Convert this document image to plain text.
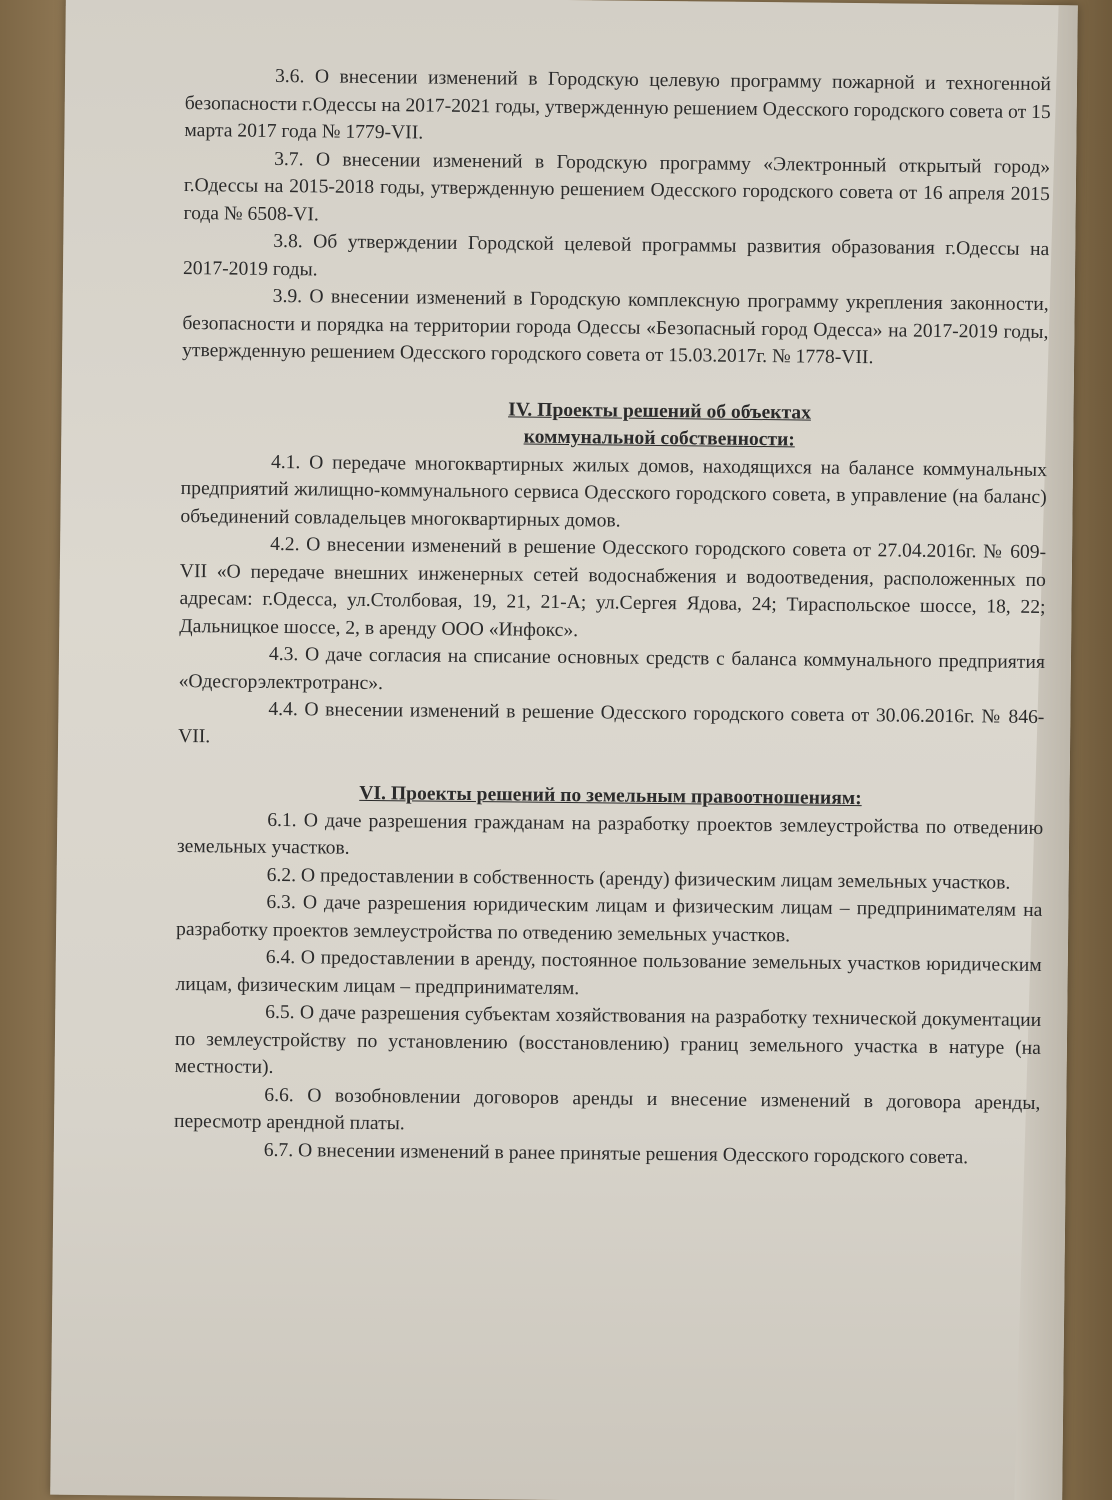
3.6. О внесении изменений в Городскую целевую программу пожарной и техногенной безопасности г.Одессы на 2017-2021 годы, утвержденную решением Одесского городского совета от 15 марта 2017 года № 1779-VII.

3.7. О внесении изменений в Городскую программу «Электронный открытый город» г.Одессы на 2015-2018 годы, утвержденную решением Одесского городского совета от 16 апреля 2015 года № 6508-VI.

3.8. Об утверждении Городской целевой программы развития образования г.Одессы на 2017-2019 годы.

3.9. О внесении изменений в Городскую комплексную программу укрепления законности, безопасности и порядка на территории города Одессы «Безопасный город Одесса» на 2017-2019 годы, утвержденную решением Одесского городского совета от 15.03.2017г. № 1778-VII.

IV. Проекты решений об объектах

коммунальной собственности:

4.1. О передаче многоквартирных жилых домов, находящихся на балансе коммунальных предприятий жилищно-коммунального сервиса Одесского городского совета, в управление (на баланс) объединений совладельцев многоквартирных домов.

4.2. О внесении изменений в решение Одесского городского совета от 27.04.2016г. № 609-VII «О передаче внешних инженерных сетей водоснабжения и водоотведения, расположенных по адресам: г.Одесса, ул.Столбовая, 19, 21, 21-А; ул.Сергея Ядова, 24; Тираспольское шоссе, 18, 22; Дальницкое шоссе, 2, в аренду ООО «Инфокс».

4.3. О даче согласия на списание основных средств с баланса коммунального предприятия «Одесгорэлектротранс».

4.4. О внесении изменений в решение Одесского городского совета от 30.06.2016г. № 846-VII.

VI. Проекты решений по земельным правоотношениям:

6.1. О даче разрешения гражданам на разработку проектов землеустройства по отведению земельных участков.

6.2. О предоставлении в собственность (аренду) физическим лицам земельных участков.

6.3. О даче разрешения юридическим лицам и физическим лицам – предпринимателям на разработку проектов землеустройства по отведению земельных участков.

6.4. О предоставлении в аренду, постоянное пользование земельных участков юридическим лицам, физическим лицам – предпринимателям.

6.5. О даче разрешения субъектам хозяйствования на разработку технической документации по землеустройству по установлению (восстановлению) границ земельного участка в натуре (на местности).

6.6. О возобновлении договоров аренды и внесение изменений в договора аренды, пересмотр арендной платы.

6.7. О внесении изменений в ранее принятые решения Одесского городского совета.
